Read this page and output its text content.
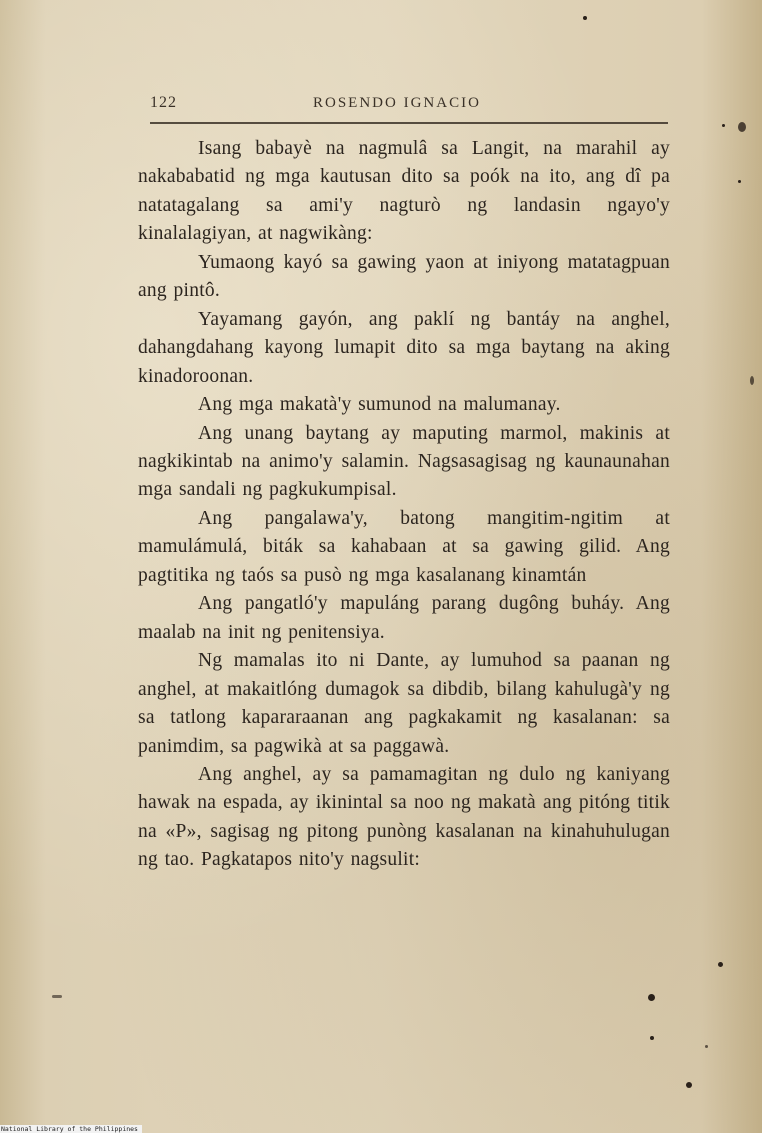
122	ROSENDO IGNACIO

Isang babayè na nagmulâ sa Langit, na marahil ay nakababatid ng mga kautusan dito sa poók na ito, ang dî pa natatagalang sa ami'y nagturò ng landasin ngayo'y kinalalagiyan, at nagwikàng:

Yumaong kayó sa gawing yaon at iniyong matatagpuan ang pintô.

Yayamang gayón, ang paklí ng bantáy na anghel, dahangdahang kayong lumapit dito sa mga baytang na aking kinadoroonan.

Ang mga makatà'y sumunod na malumanay.

Ang unang baytang ay maputing marmol, makinis at nagkikintab na animo'y salamin. Nagsasagisag ng kaunaunahan mga sandali ng pagkukumpisal.

Ang pangalawa'y, batong mangitim-ngitim at mamulámulá, biták sa kahabaan at sa gawing gilid. Ang pagtitika ng taós sa pusò ng mga kasalanang kinamtán

Ang pangatló'y mapuláng parang dugông buháy. Ang maalab na init ng penitensiya.

Ng mamalas ito ni Dante, ay lumuhod sa paanan ng anghel, at makaitlóng dumagok sa dibdib, bilang kahulugà'y ng sa tatlong kapararaanan ang pagkakamit ng kasalanan: sa panimdim, sa pagwikà at sa paggawà.

Ang anghel, ay sa pamamagitan ng dulo ng kaniyang hawak na espada, ay ikinintal sa noo ng makatà ang pitóng titik na «P», sagisag ng pitong punòng kasalanan na kinahuhulugan ng tao. Pagkatapos nito'y nagsulit:

National Library of the Philippines
